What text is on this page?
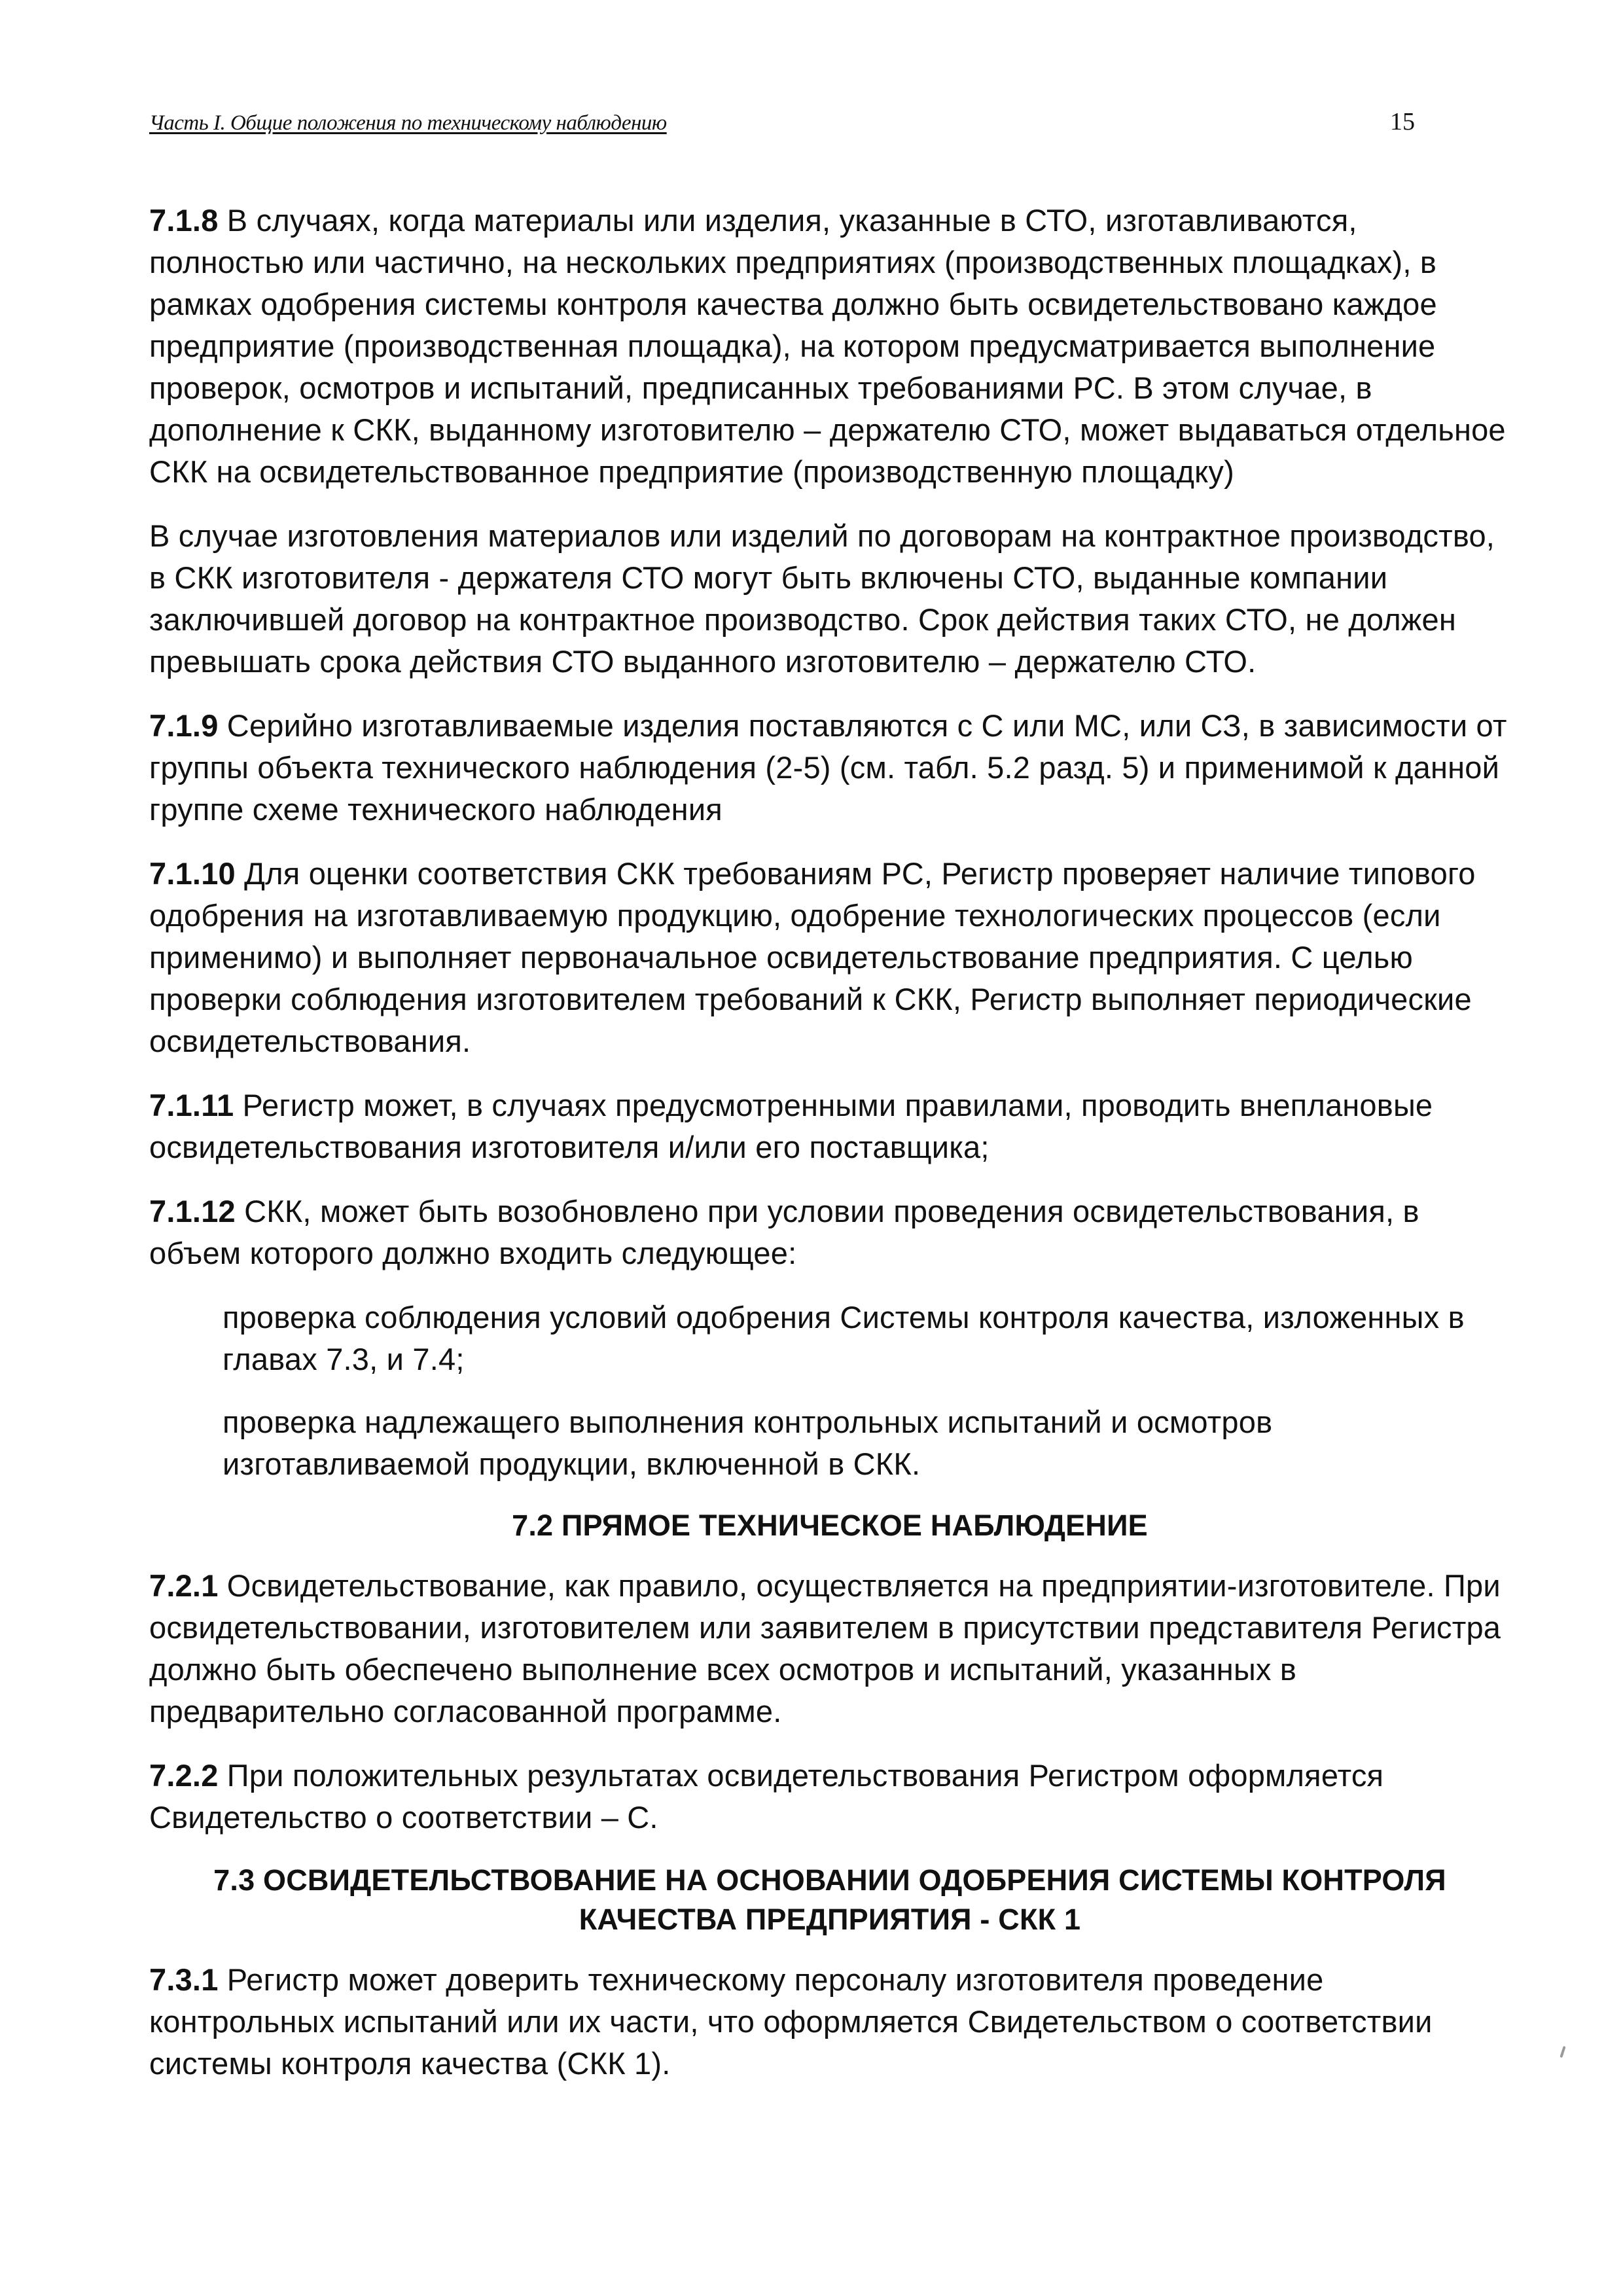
Часть I. Общие положения по техническому наблюдению	15

7.1.8 В случаях, когда материалы или изделия, указанные в СТО, изготавливаются, полностью или частично, на нескольких предприятиях (производственных площадках), в рамках одобрения системы контроля качества должно быть освидетельствовано каждое предприятие (производственная площадка), на котором предусматривается выполнение проверок, осмотров и испытаний, предписанных требованиями РС. В этом случае, в дополнение к СКК, выданному изготовителю – держателю СТО, может выдаваться отдельное СКК на освидетельствованное предприятие (производственную площадку)

В случае изготовления материалов или изделий по договорам на контрактное производство, в СКК изготовителя - держателя СТО могут быть включены СТО, выданные компании заключившей договор на контрактное производство. Срок действия таких СТО, не должен превышать срока действия СТО выданного изготовителю – держателю СТО.

7.1.9 Серийно изготавливаемые изделия поставляются с С или МС, или СЗ, в зависимости от группы объекта технического наблюдения (2-5) (см. табл. 5.2 разд. 5) и применимой к данной группе схеме технического наблюдения

7.1.10 Для оценки соответствия СКК требованиям РС, Регистр проверяет наличие типового одобрения на изготавливаемую продукцию, одобрение технологических процессов (если применимо) и выполняет первоначальное освидетельствование предприятия. С целью проверки соблюдения изготовителем требований к СКК, Регистр выполняет периодические освидетельствования.

7.1.11 Регистр может, в случаях предусмотренными правилами, проводить внеплановые освидетельствования изготовителя и/или его поставщика;

7.1.12 СКК, может быть возобновлено при условии проведения освидетельствования, в объем которого должно входить следующее:

проверка соблюдения условий одобрения Системы контроля качества, изложенных в главах 7.3, и 7.4;

проверка надлежащего выполнения контрольных испытаний и осмотров изготавливаемой продукции, включенной в СКК.

7.2 ПРЯМОЕ ТЕХНИЧЕСКОЕ НАБЛЮДЕНИЕ

7.2.1 Освидетельствование, как правило, осуществляется на предприятии-изготовителе. При освидетельствовании, изготовителем или заявителем в присутствии представителя Регистра должно быть обеспечено выполнение всех осмотров и испытаний, указанных в предварительно согласованной программе.

7.2.2 При положительных результатах освидетельствования Регистром оформляется Свидетельство о соответствии – С.

7.3 ОСВИДЕТЕЛЬСТВОВАНИЕ НА ОСНОВАНИИ ОДОБРЕНИЯ СИСТЕМЫ КОНТРОЛЯ
КАЧЕСТВА ПРЕДПРИЯТИЯ - СКК 1

7.3.1 Регистр может доверить техническому персоналу изготовителя проведение контрольных испытаний или их части, что оформляется Свидетельством о соответствии системы контроля качества (СКК 1).
